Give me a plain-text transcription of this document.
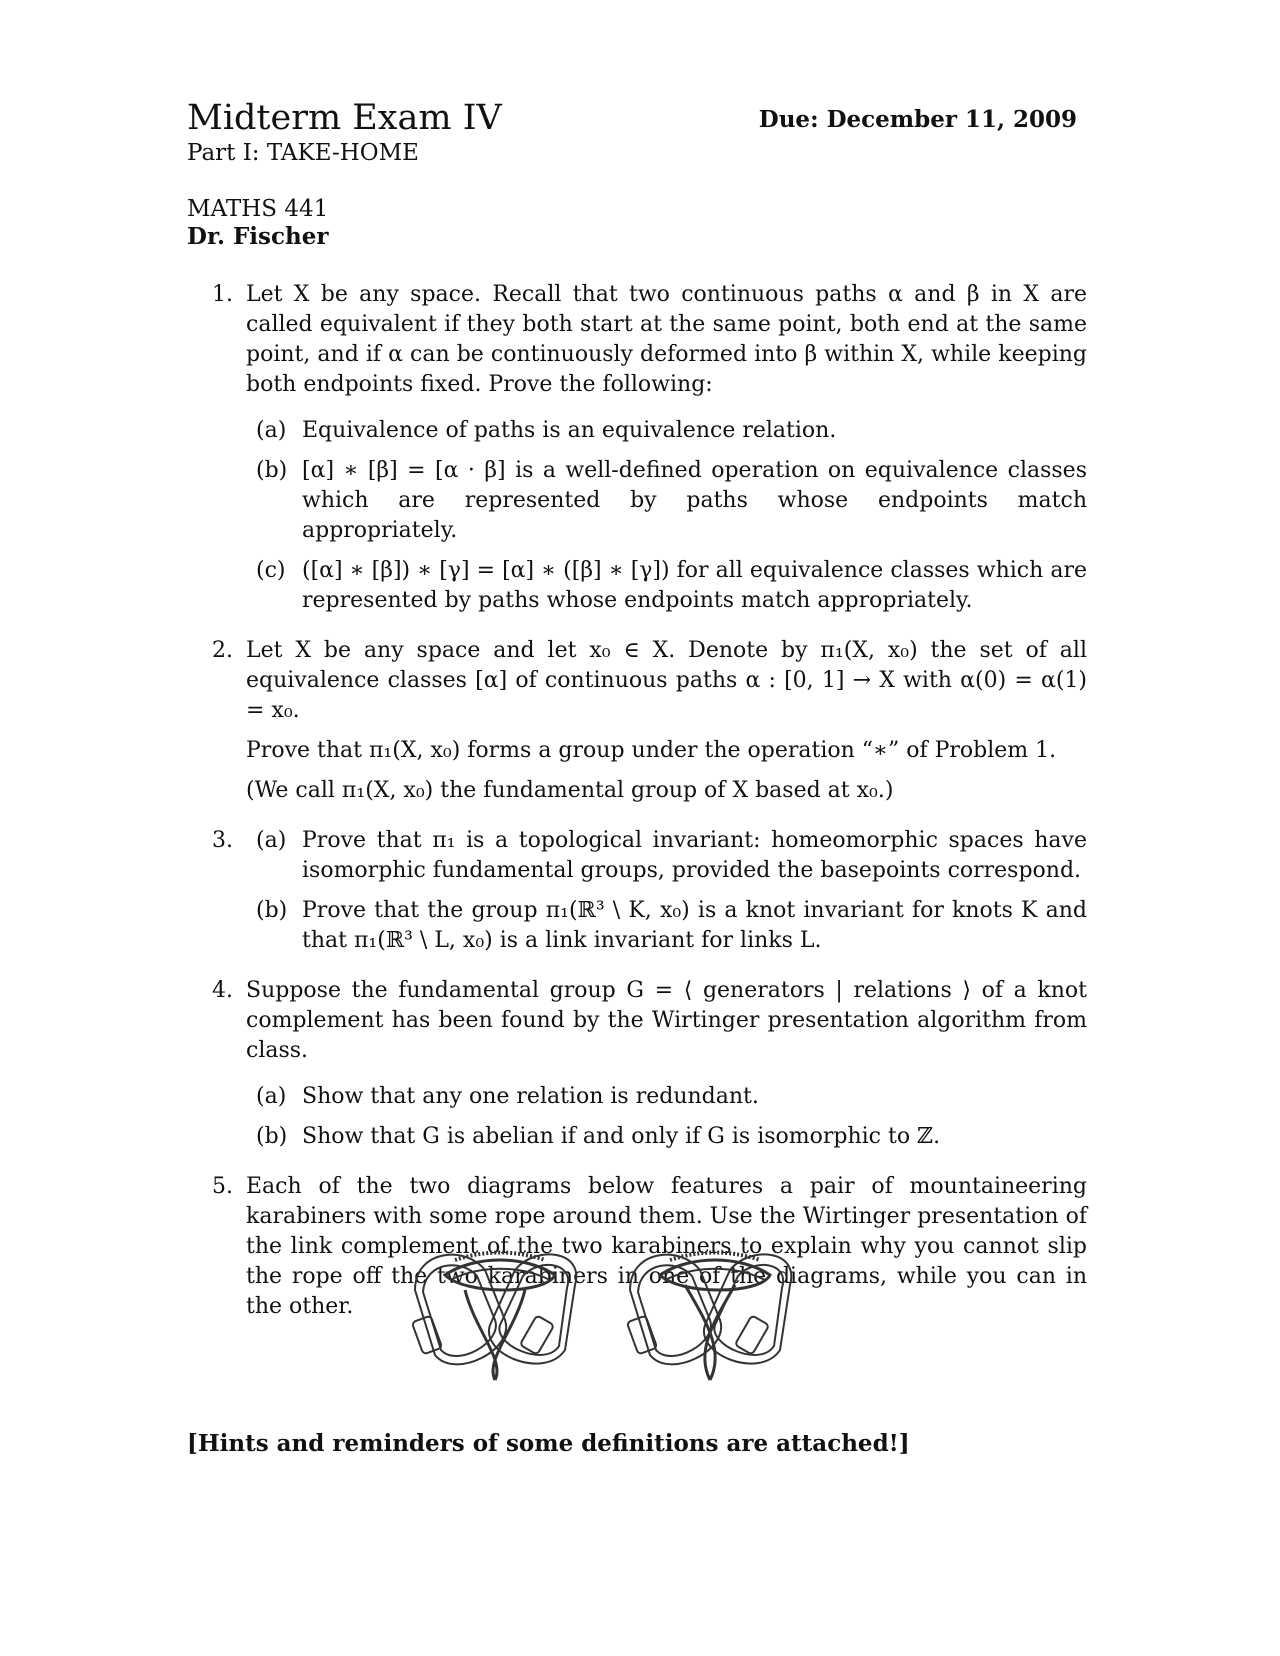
Midterm Exam IV	Due: December 11, 2009
Part I: TAKE-HOME
MATHS 441
Dr. Fischer
1. Let X be any space. Recall that two continuous paths α and β in X are called equivalent if they both start at the same point, both end at the same point, and if α can be continuously deformed into β within X, while keeping both endpoints fixed. Prove the following:
(a) Equivalence of paths is an equivalence relation.
(b) [α] ∗ [β] = [α · β] is a well-defined operation on equivalence classes which are represented by paths whose endpoints match appropriately.
(c) ([α] ∗ [β]) ∗ [γ] = [α] ∗ ([β] ∗ [γ]) for all equivalence classes which are represented by paths whose endpoints match appropriately.
2. Let X be any space and let x₀ ∈ X. Denote by π₁(X, x₀) the set of all equivalence classes [α] of continuous paths α : [0, 1] → X with α(0) = α(1) = x₀.
Prove that π₁(X, x₀) forms a group under the operation “∗” of Problem 1.
(We call π₁(X, x₀) the fundamental group of X based at x₀.)
3. (a) Prove that π₁ is a topological invariant: homeomorphic spaces have isomorphic fundamental groups, provided the basepoints correspond.
(b) Prove that the group π₁(ℝ³ \ K, x₀) is a knot invariant for knots K and that π₁(ℝ³ \ L, x₀) is a link invariant for links L.
4. Suppose the fundamental group G = ⟨ generators | relations ⟩ of a knot complement has been found by the Wirtinger presentation algorithm from class.
(a) Show that any one relation is redundant.
(b) Show that G is abelian if and only if G is isomorphic to ℤ.
5. Each of the two diagrams below features a pair of mountaineering karabiners with some rope around them. Use the Wirtinger presentation of the link complement of the two karabiners to explain why you cannot slip the rope off the two karabiners in one of the diagrams, while you can in the other.
[Hints and reminders of some definitions are attached!]
